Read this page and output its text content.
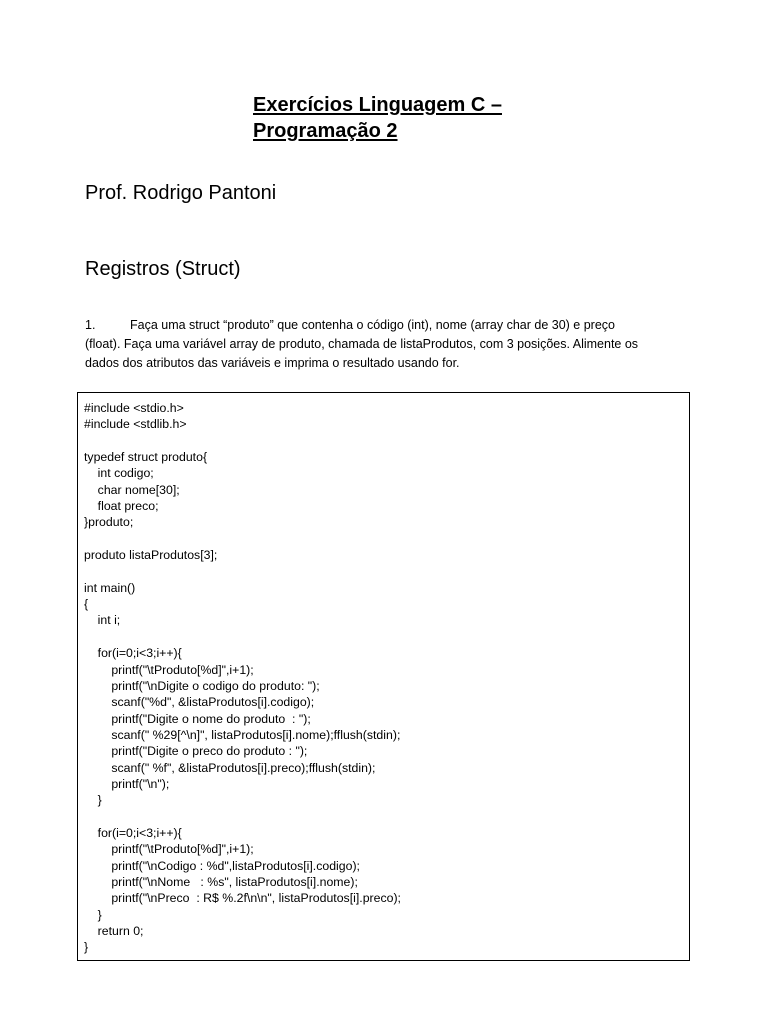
Exercícios Linguagem C –
Programação 2
Prof. Rodrigo Pantoni
Registros (Struct)

1.	Faça uma struct “produto” que contenha o código (int), nome (array char de 30) e preço (float). Faça uma variável array de produto, chamada de listaProdutos, com 3 posições. Alimente os dados dos atributos das variáveis e imprima o resultado usando for.

#include <stdio.h>
#include <stdlib.h>

typedef struct produto{
int codigo;
char nome[30];
float preco;
}produto;

produto listaProdutos[3];

int main()
{
int i;

for(i=0;i<3;i++){
printf("\tProduto[%d]",i+1);
printf("\nDigite o codigo do produto: ");
scanf("%d", &listaProdutos[i].codigo);
printf("Digite o nome do produto  : ");
scanf(" %29[^\n]", listaProdutos[i].nome);fflush(stdin);
printf("Digite o preco do produto : ");
scanf(" %f", &listaProdutos[i].preco);fflush(stdin);
printf("\n");
}

for(i=0;i<3;i++){
printf("\tProduto[%d]",i+1);
printf("\nCodigo : %d",listaProdutos[i].codigo);
printf("\nNome   : %s", listaProdutos[i].nome);
printf("\nPreco  : R$ %.2f\n\n", listaProdutos[i].preco);
}
return 0;
}
